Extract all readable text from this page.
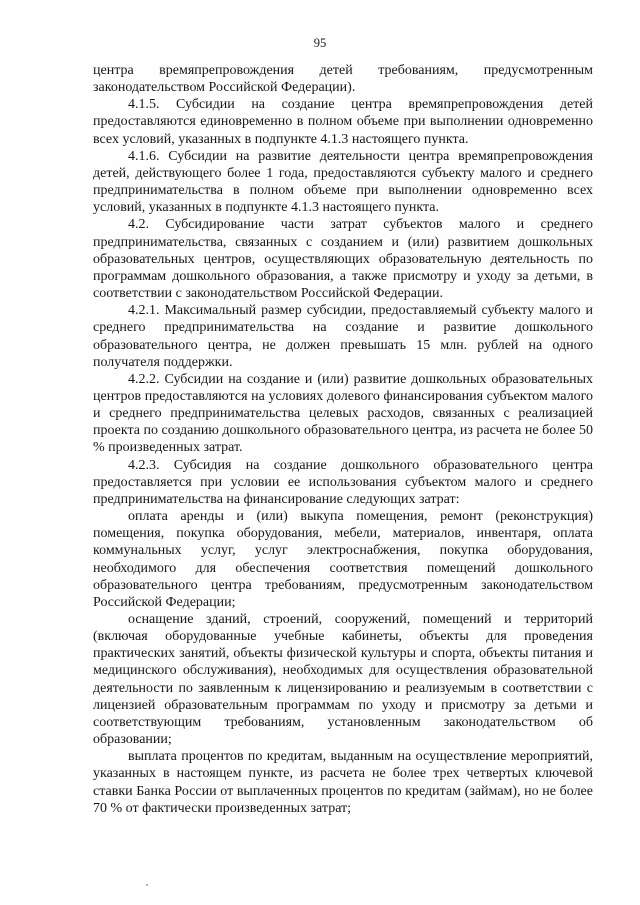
95

центра времяпрепровождения детей требованиям, предусмотренным законодательством Российской Федерации).

4.1.5. Субсидии на создание центра времяпрепровождения детей предоставляются единовременно в полном объеме при выполнении одновременно всех условий, указанных в подпункте 4.1.3 настоящего пункта.

4.1.6. Субсидии на развитие деятельности центра времяпрепровождения детей, действующего более 1 года, предоставляются субъекту малого и среднего предпринимательства в полном объеме при выполнении одновременно всех условий, указанных в подпункте 4.1.3 настоящего пункта.

4.2. Субсидирование части затрат субъектов малого и среднего предпринимательства, связанных с созданием и (или) развитием дошкольных образовательных центров, осуществляющих образовательную деятельность по программам дошкольного образования, а также присмотру и уходу за детьми, в соответствии с законодательством Российской Федерации.

4.2.1. Максимальный размер субсидии, предоставляемый субъекту малого и среднего предпринимательства на создание и развитие дошкольного образовательного центра, не должен превышать 15 млн. рублей на одного получателя поддержки.

4.2.2. Субсидии на создание и (или) развитие дошкольных образовательных центров предоставляются на условиях долевого финансирования субъектом малого и среднего предпринимательства целевых расходов, связанных с реализацией проекта по созданию дошкольного образовательного центра, из расчета не более 50 % произведенных затрат.

4.2.3. Субсидия на создание дошкольного образовательного центра предоставляется при условии ее использования субъектом малого и среднего предпринимательства на финансирование следующих затрат:

оплата аренды и (или) выкупа помещения, ремонт (реконструкция) помещения, покупка оборудования, мебели, материалов, инвентаря, оплата коммунальных услуг, услуг электроснабжения, покупка оборудования, необходимого для обеспечения соответствия помещений дошкольного образовательного центра требованиям, предусмотренным законодательством Российской Федерации;

оснащение зданий, строений, сооружений, помещений и территорий (включая оборудованные учебные кабинеты, объекты для проведения практических занятий, объекты физической культуры и спорта, объекты питания и медицинского обслуживания), необходимых для осуществления образовательной деятельности по заявленным к лицензированию и реализуемым в соответствии с лицензией образовательным программам по уходу и присмотру за детьми и соответствующим требованиям, установленным законодательством об образовании;

выплата процентов по кредитам, выданным на осуществление мероприятий, указанных в настоящем пункте, из расчета не более трех четвертых ключевой ставки Банка России от выплаченных процентов по кредитам (займам), но не более 70 % от фактически произведенных затрат;
